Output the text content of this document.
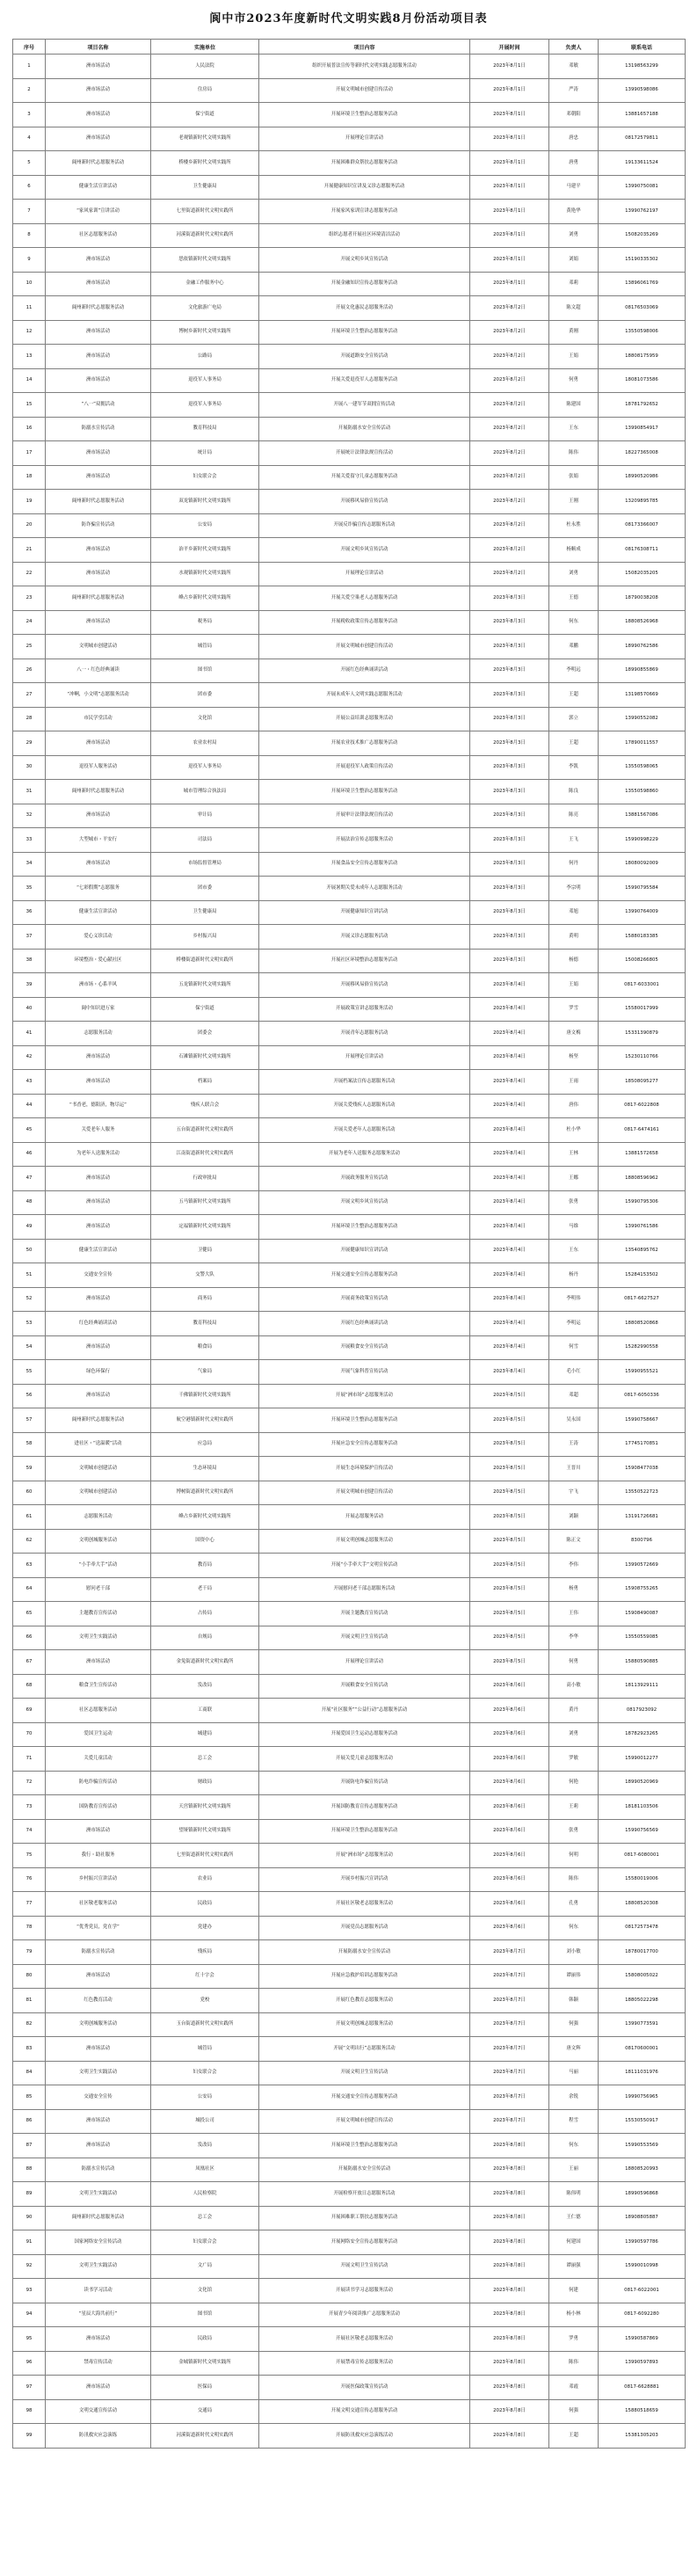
阆中市2023年度新时代文明实践8月份活动项目表
序号	项目名称	实施单位	项目内容	开展时间	负责人	联系电话
1	洲市场活动	人民法院	组织开展普法宣传等新时代文明实践志愿服务活动	2023年8月1日	邓敏	13198563299
2	洲市场活动	住房局	开展文明城市创建宣传活动	2023年8月1日	严涛	13990598086
3	洲市场活动	保宁街道	开展环境卫生整治志愿服务活动	2023年8月1日	邓朝阳	13881657188
4	洲市场活动	老观镇新时代文明实践所	开展理论宣讲活动	2023年8月1日	唐忠	08172579811
5	阆州新时代志愿服务活动	桥楼乡新时代文明实践所	开展困难群众帮扶志愿服务活动	2023年8月1日	唐勇	19133611524
6	健康生活宣讲活动	卫生健康局	开展健康知识宣讲及义诊志愿服务活动	2023年8月1日	马建平	13990750081
7	“家风家训”宣讲活动	七里街道新时代文明实践所	开展家风家训宣讲志愿服务活动	2023年8月1日	黄艳华	13990762197
8	社区志愿服务活动	河溪街道新时代文明实践所	组织志愿者开展社区环境清洁活动	2023年8月1日	刘勇	15082035269
9	洲市场活动	思依镇新时代文明实践所	开展文明乡风宣传活动	2023年8月1日	刘娟	15190335302
10	洲市场活动	金融工作服务中心	开展金融知识宣传志愿服务活动	2023年8月1日	邓莉	13896061769
11	阆州新时代志愿服务活动	文化旅游广电局	开展文化惠民志愿服务活动	2023年8月2日	陈文超	08176503069
12	洲市场活动	博树乡新时代文明实践所	开展环境卫生整治志愿服务活动	2023年8月2日	黄刚	13550598006
13	洲市场活动	公路局	开展道路安全宣传活动	2023年8月2日	王娟	18808175959
14	洲市场活动	退役军人事务局	开展关爱退役军人志愿服务活动	2023年8月2日	何勇	18081073586
15	“八一”双拥活动	退役军人事务局	开展八一建军节双拥宣传活动	2023年8月2日	陈建国	18781792652
16	防溺水宣传活动	教育科技局	开展防溺水安全宣传活动	2023年8月2日	王东	13990854917
17	洲市场活动	统计局	开展统计法律法规宣传活动	2023年8月2日	陈伟	18227365008
18	洲市场活动	妇女联合会	开展关爱留守儿童志愿服务活动	2023年8月2日	张娟	18990520986
19	阆州新时代志愿服务活动	双龙镇新时代文明实践所	开展移风易俗宣传活动	2023年8月2日	王刚	13209895785
20	防诈骗宣传活动	公安局	开展反诈骗宣传志愿服务活动	2023年8月2日	杜永胜	08173366007
21	洲市场活动	治平乡新时代文明实践所	开展文明乡风宣传活动	2023年8月2日	杨顺成	08176308711
22	洲市场活动	水观镇新时代文明实践所	开展理论宣讲活动	2023年8月2日	刘勇	15082035205
23	阆州新时代志愿服务活动	峰占乡新时代文明实践所	开展关爱空巢老人志愿服务活动	2023年8月3日	王德	18790038208
24	洲市场活动	税务局	开展税收政策宣传志愿服务活动	2023年8月3日	何东	18808526968
25	文明城市创建活动	城管局	开展文明城市创建宣传活动	2023年8月3日	邓鹏	18990762586
26	八一・红色经典诵读	图书馆	开展红色经典诵读活动	2023年8月3日	李明远	18990855869
27	“冲啊，小文明”志愿服务活动	团市委	开展未成年人文明实践志愿服务活动	2023年8月3日	王超	13198570669
28	市民学堂活动	文化馆	开展公益培训志愿服务活动	2023年8月3日	郭立	13990552082
29	洲市场活动	农业农村局	开展农业技术推广志愿服务活动	2023年8月3日	王超	17890011557
30	退役军人服务活动	退役军人事务局	开展退役军人政策宣传活动	2023年8月3日	李凯	13550598065
31	阆州新时代志愿服务活动	城市管理综合执法局	开展环境卫生整治志愿服务活动	2023年8月3日	陈良	13550598860
32	洲市场活动	审计局	开展审计法律法规宣传活动	2023年8月3日	陈亮	13881567086
33	大型城市・平安行	司法局	开展法治宣传志愿服务活动	2023年8月3日	王飞	15990998229
34	洲市场活动	市场监督管理局	开展食品安全宣传志愿服务活动	2023年8月3日	何丹	18080092009
35	“七彩假期”志愿服务	团市委	开展暑期关爱未成年人志愿服务活动	2023年8月3日	李宗明	15990795584
36	健康生活宣讲活动	卫生健康局	开展健康知识宣讲活动	2023年8月3日	邓旭	13990764009
37	爱心义诊活动	乡村振兴局	开展义诊志愿服务活动	2023年8月3日	黄明	15880183385
38	环境整治・爱心献社区	桥楼街道新时代文明实践所	开展社区环境整治志愿服务活动	2023年8月3日	杨德	15008266805
39	洲市场・心系羊风	五龙镇新时代文明实践所	开展移风易俗宣传活动	2023年8月4日	王娟	0817-6033001
40	阆中知识进万家	保宁街道	开展政策宣讲志愿服务活动	2023年8月4日	罗雪	15580017999
41	志愿服务活动	团委会	开展青年志愿服务活动	2023年8月4日	唐文梅	15331390879
42	洲市场活动	石滩镇新时代文明实践所	开展理论宣讲活动	2023年8月4日	杨坚	15230110766
43	洲市场活动	档案局	开展档案法宣传志愿服务活动	2023年8月4日	王雨	18508095277
44	“书香老，德阳济，物尽运”	残疾人联合会	开展关爱残疾人志愿服务活动	2023年8月4日	唐伟	0817-6022808
45	关爱老年人服务	五台街道新时代文明实践所	开展关爱老年人志愿服务活动	2023年8月4日	杜小华	0817-6474161
46	为老年人送服务活动	江南街道新时代文明实践所	开展为老年人送服务志愿服务活动	2023年8月4日	王林	13881572658
47	洲市场活动	行政审批局	开展政务服务宣传活动	2023年8月4日	王娜	18808596962
48	洲市场活动	五马镇新时代文明实践所	开展文明乡风宣传活动	2023年8月4日	张勇	15990795306
49	洲市场活动	定福镇新时代文明实践所	开展环境卫生整治志愿服务活动	2023年8月4日	马维	13990761586
50	健康生活宣讲活动	卫健局	开展健康知识宣讲活动	2023年8月4日	王东	13540895762
51	交通安全宣传	交警大队	开展交通安全宣传志愿服务活动	2023年8月4日	杨丹	15284153502
52	洲市场活动	商务局	开展商务政策宣传活动	2023年8月4日	李明伟	0817-6627527
53	红色经典诵读活动	教育科技局	开展红色经典诵读活动	2023年8月4日	李明运	18808520868
54	洲市场活动	粮食局	开展粮食安全宣传活动	2023年8月4日	何雪	15282990558
55	绿色环保行	气象局	开展气象科普宣传活动	2023年8月4日	毛小红	15990955521
56	洲市场活动	千佛镇新时代文明实践所	开展“洲市场”志愿服务活动	2023年8月5日	邓超	0817-6050336
57	阆州新时代志愿服务活动	航空港镇新时代文明实践所	开展环境卫生整治志愿服务活动	2023年8月5日	吴永国	15990758667
58	进社区・“送温暖”活动	应急局	开展应急安全宣传志愿服务活动	2023年8月5日	王涛	17745170851
59	文明城市创建活动	生态环境局	开展生态环境保护宣传活动	2023年8月5日	王晋川	15908477038
60	文明城市创建活动	博树街道新时代文明实践所	开展文明城市创建宣传活动	2023年8月5日	宇飞	13550522723
61	志愿服务活动	峰占乡新时代文明实践所	开展志愿服务活动	2023年8月5日	刘颖	13191726681
62	文明创城服务活动	国资中心	开展文明创城志愿服务活动	2023年8月5日	陈正文	8300796
63	“小手牵大手”活动	教育局	开展“小手牵大手”文明宣传活动	2023年8月5日	李伟	13990572669
64	慰问老干部	老干局	开展慰问老干部志愿服务活动	2023年8月5日	杨勇	15908755265
65	主题教育宣传活动	占传局	开展主题教育宣传活动	2023年8月5日	王伟	15908490087
66	文明卫生实践活动	自规局	开展文明卫生宣传活动	2023年8月5日	李华	13550559085
67	洲市场活动	金兔街道新时代文明实践所	开展理论宣讲活动	2023年8月5日	何勇	15880590885
68	粮食卫生宣传活动	发改局	开展粮食安全宣传活动	2023年8月6日	高小敏	18113929111
69	社区志愿服务活动	工商联	开展“社区服务”“公益行动”志愿服务活动	2023年8月6日	黄丹	0817923092
70	爱国卫生运动	城建局	开展爱国卫生运动志愿服务活动	2023年8月6日	刘勇	18782923265
71	关爱儿童活动	总工会	开展关爱儿童志愿服务活动	2023年8月6日	罗敏	15990012277
72	防电诈骗宣传活动	财政局	开展防电诈骗宣传活动	2023年8月6日	何艳	18990520969
73	国防教育宣传活动	天宫镇新时代文明实践所	开展国防教育宣传志愿服务活动	2023年8月6日	王莉	18181103506
74	洲市场活动	望垭镇新时代文明实践所	开展环境卫生整治志愿服务活动	2023年8月6日	张勇	15990756569
75	我行・助社服务	七里街道新时代文明实践所	开展“洲市场”志愿服务活动	2023年8月6日	何明	0817-6080001
76	乡村振兴宣讲活动	农业局	开展乡村振兴宣讲活动	2023年8月6日	陈伟	15580019006
77	社区敬老服务活动	民政局	开展社区敬老志愿服务活动	2023年8月6日	孔勇	18808520308
78	“优秀党员，党在学”	党建办	开展党员志愿服务活动	2023年8月6日	何东	08172573478
79	防溺水宣传活动	残疾局	开展防溺水安全宣传活动	2023年8月7日	刘小敏	18780017700
80	洲市场活动	红十字会	开展应急救护培训志愿服务活动	2023年8月7日	谭丽伟	15808005022
81	红色教育活动	党校	开展红色教育志愿服务活动	2023年8月7日	韩颖	18805022298
82	文明创城服务活动	玉台街道新时代文明实践所	开展文明创城志愿服务活动	2023年8月7日	何强	13990773591
83	洲市场活动	城管局	开展“文明出行”志愿服务活动	2023年8月7日	唐文辉	08170600001
84	文明卫生实践活动	妇女联合会	开展文明卫生宣传活动	2023年8月7日	马丽	18111031976
85	交通安全宣传	公安局	开展交通安全宣传志愿服务活动	2023年8月7日	余锐	19990756965
86	洲市场活动	城投公司	开展文明城市创建宣传活动	2023年8月7日	程雪	15530550917
87	洲市场活动	发改局	开展环境卫生整治志愿服务活动	2023年8月8日	何东	15990553569
88	防溺水宣传活动	凤凰社区	开展防溺水安全宣传活动	2023年8月8日	王丽	18808520993
89	文明卫生实践活动	人民检察院	开展检察开放日志愿服务活动	2023年8月8日	陈伟明	18990596868
90	阆州新时代志愿服务活动	总工会	开展困难职工帮扶志愿服务活动	2023年8月8日	王仁德	18908805887
91	国家网络安全宣传活动	妇女联合会	开展网络安全宣传志愿服务活动	2023年8月8日	何建国	13990597786
92	文明卫生实践活动	文广局	开展文明卫生宣传活动	2023年8月8日	谭丽强	15990010998
93	读书学习活动	文化馆	开展读书学习志愿服务活动	2023年8月8日	何建	0817-6022001
94	“星辰大海共前行”	图书馆	开展青少年阅读推广志愿服务活动	2023年8月8日	杨小林	0817-6092280
95	洲市场活动	民政局	开展社区敬老志愿服务活动	2023年8月8日	罗勇	15990587869
96	禁毒宣传活动	金城镇新时代文明实践所	开展禁毒宣传志愿服务活动	2023年8月8日	陈伟	13990597893
97	洲市场活动	医保局	开展医保政策宣传活动	2023年8月8日	邓霞	0817-6628881
98	文明交通宣传活动	交通局	开展文明交通宣传志愿服务活动	2023年8月8日	何强	15880518659
99	防汛救灾应急演练	河溪街道新时代文明实践所	开展防汛救灾应急演练活动	2023年8月8日	王超	15381305203
